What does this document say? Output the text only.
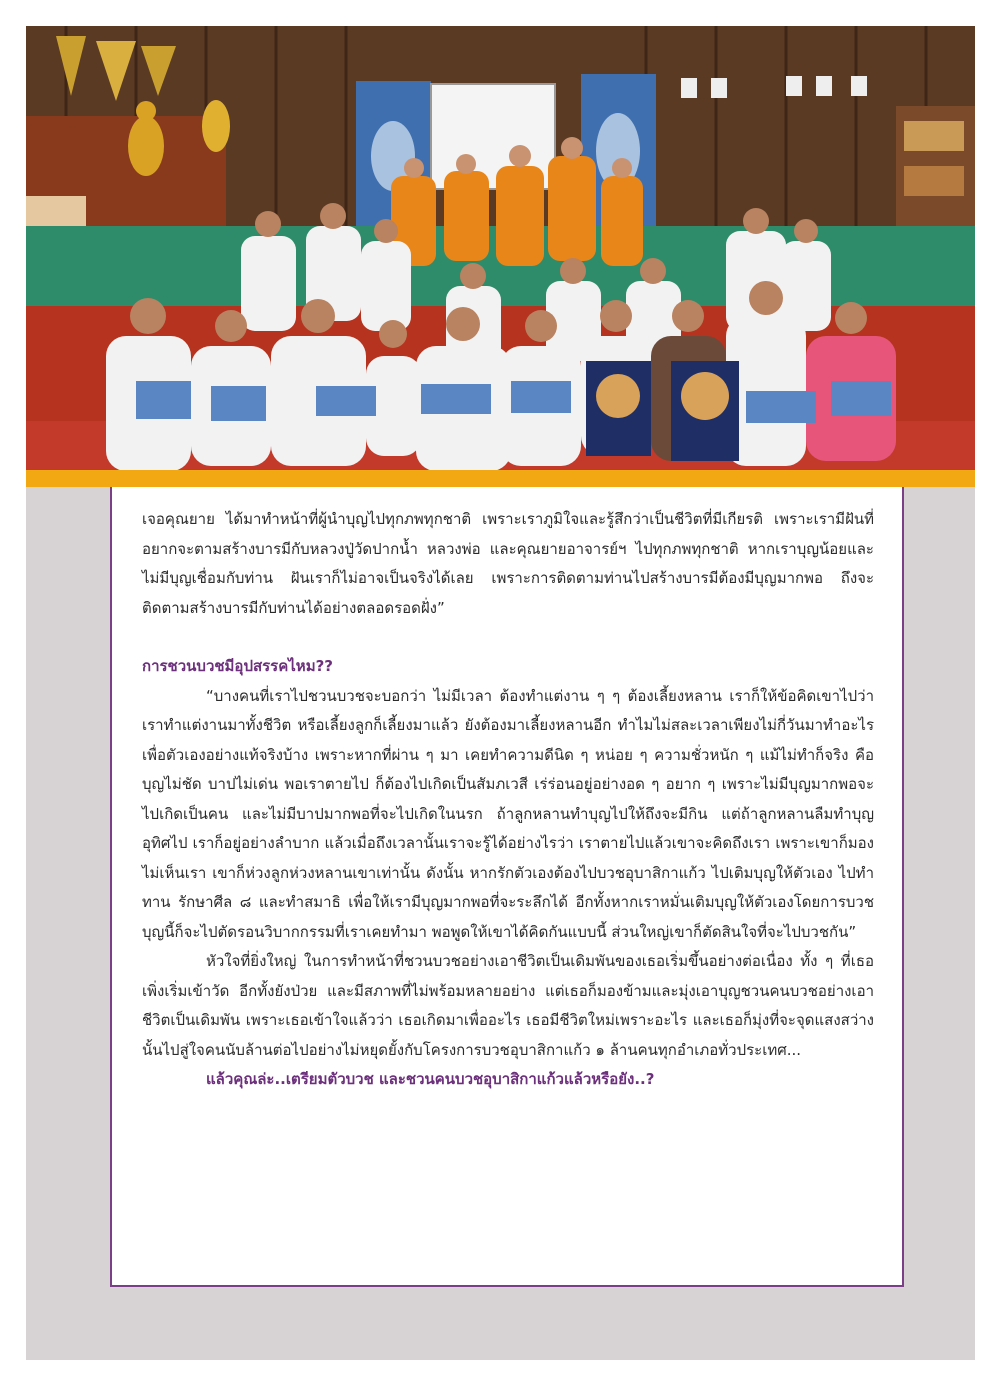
เจอคุณยาย ได้มาทำหน้าที่ผู้นำบุญไปทุกภพทุกชาติ เพราะเราภูมิใจและรู้สึกว่าเป็นชีวิตที่มีเกียรติ เพราะเรามีฝันที่อยากจะตามสร้างบารมีกับหลวงปู่วัดปากน้ำ หลวงพ่อ และคุณยายอาจารย์ฯ ไปทุกภพทุกชาติ หากเราบุญน้อยและไม่มีบุญเชื่อมกับท่าน ฝันเราก็ไม่อาจเป็นจริงได้เลย เพราะการติดตามท่านไปสร้างบารมีต้องมีบุญมากพอ ถึงจะติดตามสร้างบารมีกับท่านได้อย่างตลอดรอดฝั่ง”

การชวนบวชมีอุปสรรคไหม??

“บางคนที่เราไปชวนบวชจะบอกว่า ไม่มีเวลา ต้องทำแต่งาน ๆ ๆ ต้องเลี้ยงหลาน เราก็ให้ข้อคิดเขาไปว่า เราทำแต่งานมาทั้งชีวิต หรือเลี้ยงลูกก็เลี้ยงมาแล้ว ยังต้องมาเลี้ยงหลานอีก ทำไมไม่สละเวลาเพียงไม่กี่วันมาทำอะไรเพื่อตัวเองอย่างแท้จริงบ้าง เพราะหากที่ผ่าน ๆ มา เคยทำความดีนิด ๆ หน่อย ๆ ความชั่วหนัก ๆ แม้ไม่ทำก็จริง คือบุญไม่ชัด บาปไม่เด่น พอเราตายไป ก็ต้องไปเกิดเป็นสัมภเวสี เร่ร่อนอยู่อย่างอด ๆ อยาก ๆ เพราะไม่มีบุญมากพอจะไปเกิดเป็นคน และไม่มีบาปมากพอที่จะไปเกิดในนรก ถ้าลูกหลานทำบุญไปให้ถึงจะมีกิน แต่ถ้าลูกหลานลืมทำบุญอุทิศไป เราก็อยู่อย่างลำบาก แล้วเมื่อถึงเวลานั้นเราจะรู้ได้อย่างไรว่า เราตายไปแล้วเขาจะคิดถึงเรา เพราะเขาก็มองไม่เห็นเรา เขาก็ห่วงลูกห่วงหลานเขาเท่านั้น ดังนั้น หากรักตัวเองต้องไปบวชอุบาสิกาแก้ว ไปเติมบุญให้ตัวเอง ไปทำทาน รักษาศีล ๘ และทำสมาธิ เพื่อให้เรามีบุญมากพอที่จะระลึกได้ อีกทั้งหากเราหมั่นเติมบุญให้ตัวเองโดยการบวช บุญนี้ก็จะไปตัดรอนวิบากกรรมที่เราเคยทำมา พอพูดให้เขาได้คิดกันแบบนี้ ส่วนใหญ่เขาก็ตัดสินใจที่จะไปบวชกัน”

หัวใจที่ยิ่งใหญ่ ในการทำหน้าที่ชวนบวชอย่างเอาชีวิตเป็นเดิมพันของเธอเริ่มขึ้นอย่างต่อเนื่อง ทั้ง ๆ ที่เธอเพิ่งเริ่มเข้าวัด อีกทั้งยังป่วย และมีสภาพที่ไม่พร้อมหลายอย่าง แต่เธอก็มองข้ามและมุ่งเอาบุญชวนคนบวชอย่างเอาชีวิตเป็นเดิมพัน เพราะเธอเข้าใจแล้วว่า เธอเกิดมาเพื่ออะไร เธอมีชีวิตใหม่เพราะอะไร และเธอก็มุ่งที่จะจุดแสงสว่างนั้นไปสู่ใจคนนับล้านต่อไปอย่างไม่หยุดยั้งกับโครงการบวชอุบาสิกาแก้ว ๑ ล้านคนทุกอำเภอทั่วประเทศ...

แล้วคุณล่ะ..เตรียมตัวบวช และชวนคนบวชอุบาสิกาแก้วแล้วหรือยัง..?
